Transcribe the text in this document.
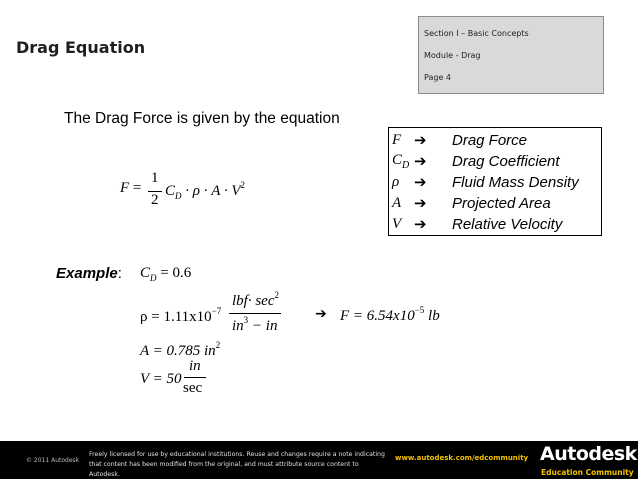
Drag Equation
Section I – Basic Concepts
Module - Drag
Page 4
The Drag Force is given by the equation
F =
1
2
$C_D \cdot \rho \cdot A \cdot V^2$
F ➔	Drag Force
$C_D$ ➔	Drag Coefficient
ρ ➔	Fluid Mass Density
A ➔	Projected Area
V ➔	Relative Velocity
Example: $C_D = 0.6$
$\rho = 1.11x10^{-7}$
$lbf\cdot \sec^2$
$in^3$ − in
➔ $F = 6.54x10^{-5}$ lb
A = 0.785 $in^2$
V = 50
in
sec
© 2011 Autodesk
Freely licensed for use by educational institutions. Reuse and changes require a note indicating that content has been modified from the original, and must attribute source content to Autodesk.
www.autodesk.com/edcommunity Autodesk
Education Community
